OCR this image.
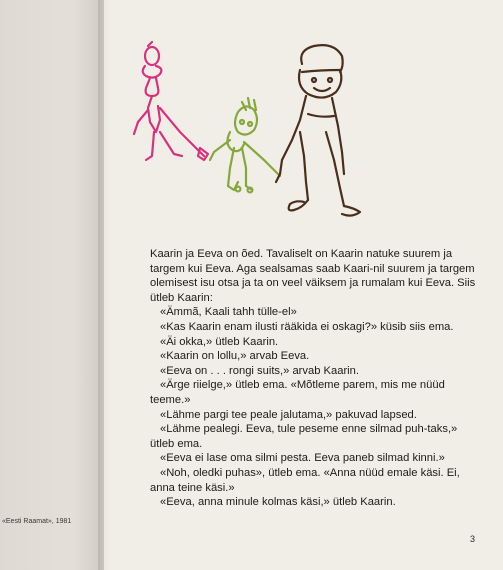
«Eesti Raamat», 1981

Kaarin ja Eeva on õed. Tavaliselt on Kaarin natuke suurem ja targem kui Eeva. Aga sealsamas saab Kaari-nil suurem ja targem olemisest isu otsa ja ta on veel väiksem ja rumalam kui Eeva. Siis ütleb Kaarin:

«Ämmã, Kaali tahh tülle-el»

«Kas Kaarin enam ilusti rääkida ei oskagi?» küsib siis ema.

«Äi okka,» ütleb Kaarin.

«Kaarin on lollu,» arvab Eeva.

«Eeva on . . . rongi suits,» arvab Kaarin.

«Ärge riielge,» ütleb ema. «Mõtleme parem, mis me nüüd teeme.»

«Lähme pargi tee peale jalutama,» pakuvad lapsed.

«Lähme pealegi. Eeva, tule peseme enne silmad puh-taks,» ütleb ema.

«Eeva ei lase oma silmi pesta. Eeva paneb silmad kinni.»

«Noh, oledki puhas», ütleb ema. «Anna nüüd emale käsi. Ei, anna teine käsi.»

«Eeva, anna minule kolmas käsi,» ütleb Kaarin.

3
